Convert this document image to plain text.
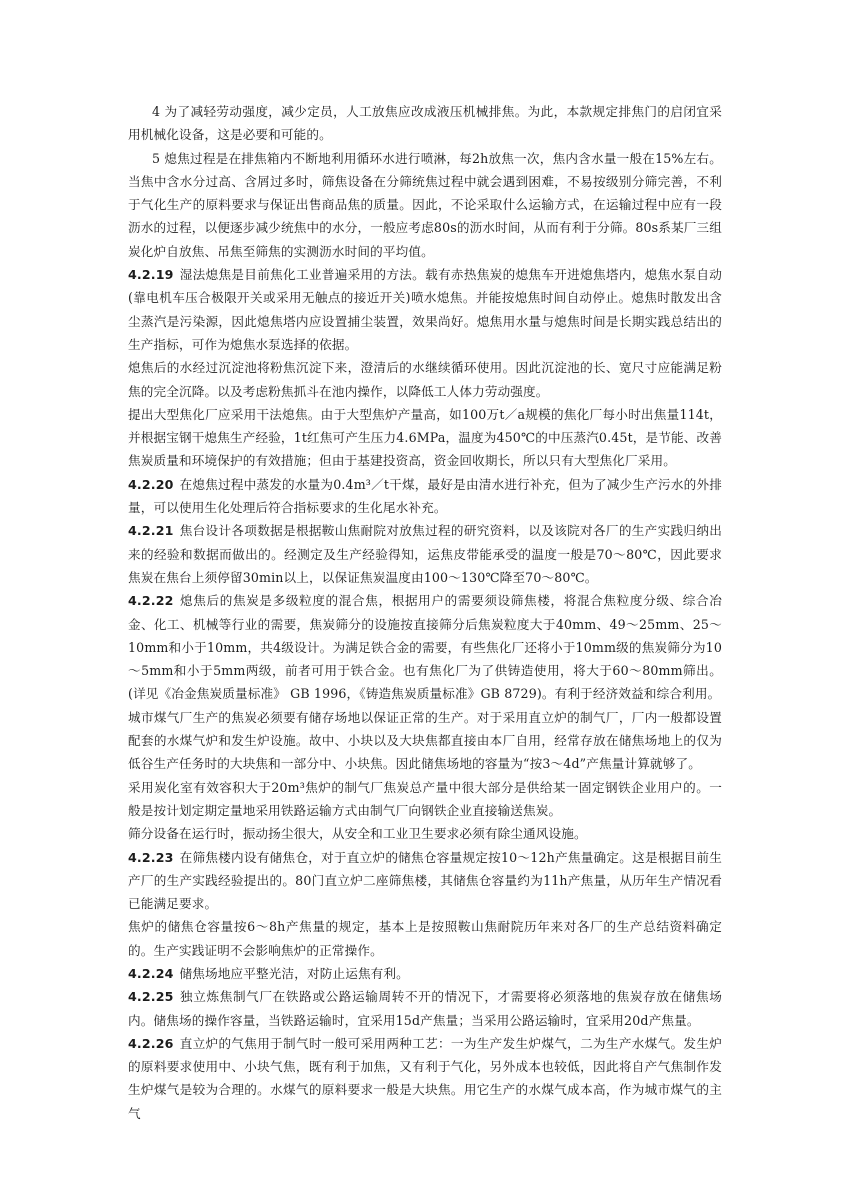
4 为了减轻劳动强度，减少定员，人工放焦应改成液压机械排焦。为此，本款规定排焦门的启闭宜采用机械化设备，这是必要和可能的。

5 熄焦过程是在排焦箱内不断地利用循环水进行喷淋，每2h放焦一次，焦内含水量一般在15%左右。当焦中含水分过高、含屑过多时，筛焦设备在分筛统焦过程中就会遇到困难，不易按级别分筛完善，不利于气化生产的原料要求与保证出售商品焦的质量。因此，不论采取什么运输方式，在运输过程中应有一段沥水的过程，以便逐步减少统焦中的水分，一般应考虑80s的沥水时间，从而有利于分筛。80s系某厂三组炭化炉自放焦、吊焦至筛焦的实测沥水时间的平均值。

4.2.19 湿法熄焦是目前焦化工业普遍采用的方法。载有赤热焦炭的熄焦车开进熄焦塔内，熄焦水泵自动(靠电机车压合极限开关或采用无触点的接近开关)喷水熄焦。并能按熄焦时间自动停止。熄焦时散发出含尘蒸汽是污染源，因此熄焦塔内应设置捕尘装置，效果尚好。熄焦用水量与熄焦时间是长期实践总结出的生产指标，可作为熄焦水泵选择的依据。

熄焦后的水经过沉淀池将粉焦沉淀下来，澄清后的水继续循环使用。因此沉淀池的长、宽尺寸应能满足粉焦的完全沉降。以及考虑粉焦抓斗在池内操作，以降低工人体力劳动强度。

提出大型焦化厂应采用干法熄焦。由于大型焦炉产量高，如100万t／a规模的焦化厂每小时出焦量114t，并根据宝钢干熄焦生产经验，1t红焦可产生压力4.6MPa，温度为450℃的中压蒸汽0.45t，是节能、改善焦炭质量和环境保护的有效措施；但由于基建投资高，资金回收期长，所以只有大型焦化厂采用。

4.2.20 在熄焦过程中蒸发的水量为0.4m³／t干煤，最好是由清水进行补充，但为了减少生产污水的外排量，可以使用生化处理后符合指标要求的生化尾水补充。

4.2.21 焦台设计各项数据是根据鞍山焦耐院对放焦过程的研究资料，以及该院对各厂的生产实践归纳出来的经验和数据而做出的。经测定及生产经验得知，运焦皮带能承受的温度一般是70～80℃，因此要求焦炭在焦台上须停留30min以上，以保证焦炭温度由100～130℃降至70～80℃。

4.2.22 熄焦后的焦炭是多级粒度的混合焦，根据用户的需要须设筛焦楼，将混合焦粒度分级、综合冶金、化工、机械等行业的需要，焦炭筛分的设施按直接筛分后焦炭粒度大于40mm、49～25mm、25～10mm和小于10mm，共4级设计。为满足铁合金的需要，有些焦化厂还将小于10mm级的焦炭筛分为10～5mm和小于5mm两级，前者可用于铁合金。也有焦化厂为了供铸造使用，将大于60～80mm筛出。 (详见《冶金焦炭质量标准》 GB 1996，《铸造焦炭质量标准》GB 8729)。有利于经济效益和综合利用。

城市煤气厂生产的焦炭必须要有储存场地以保证正常的生产。对于采用直立炉的制气厂，厂内一般都设置配套的水煤气炉和发生炉设施。故中、小块以及大块焦都直接由本厂自用，经常存放在储焦场地上的仅为低谷生产任务时的大块焦和一部分中、小块焦。因此储焦场地的容量为“按3～4d”产焦量计算就够了。

采用炭化室有效容积大于20m³焦炉的制气厂焦炭总产量中很大部分是供给某一固定钢铁企业用户的。一般是按计划定期定量地采用铁路运输方式由制气厂向钢铁企业直接输送焦炭。

筛分设备在运行时，振动扬尘很大，从安全和工业卫生要求必须有除尘通风设施。

4.2.23 在筛焦楼内设有储焦仓，对于直立炉的储焦仓容量规定按10～12h产焦量确定。这是根据目前生产厂的生产实践经验提出的。80门直立炉二座筛焦楼，其储焦仓容量约为11h产焦量，从历年生产情况看已能满足要求。

焦炉的储焦仓容量按6～8h产焦量的规定，基本上是按照鞍山焦耐院历年来对各厂的生产总结资料确定的。生产实践证明不会影响焦炉的正常操作。

4.2.24 储焦场地应平整光洁，对防止运焦有利。

4.2.25 独立炼焦制气厂在铁路或公路运输周转不开的情况下，才需要将必须落地的焦炭存放在储焦场内。储焦场的操作容量，当铁路运输时，宜采用15d产焦量；当采用公路运输时，宜采用20d产焦量。

4.2.26 直立炉的气焦用于制气时一般可采用两种工艺：一为生产发生炉煤气，二为生产水煤气。发生炉的原料要求使用中、小块气焦，既有利于加焦，又有利于气化，另外成本也较低，因此将自产气焦制作发生炉煤气是较为合理的。水煤气的原料要求一般是大块焦。用它生产的水煤气成本高，作为城市煤气的主气
